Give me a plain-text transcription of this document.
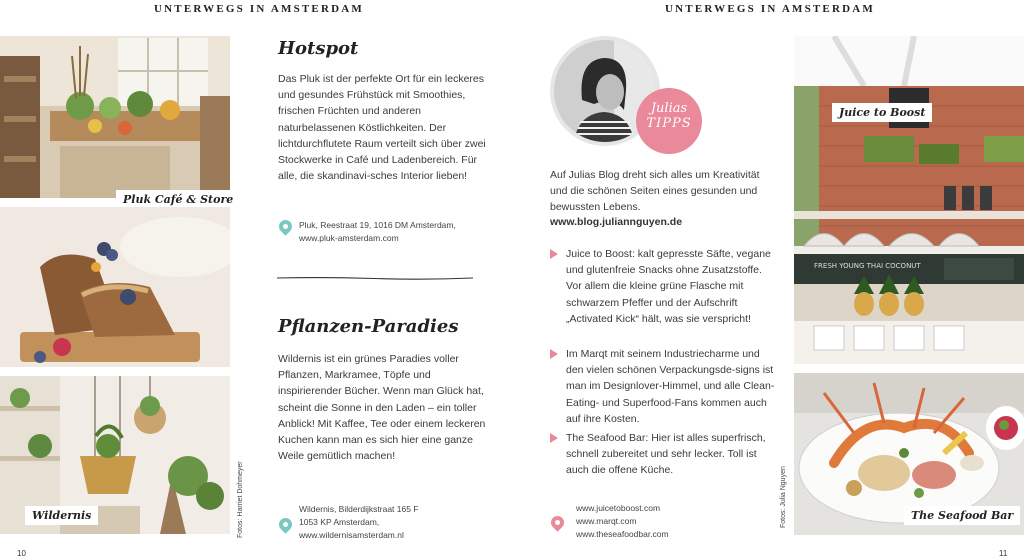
UNTERWEGS IN AMSTERDAM
Pluk Café & Store
Wildernis	Fotos: Harriet Dohmeyer
Hotspot
Das Pluk ist der perfekte Ort für ein leckeres und gesundes Frühstück mit Smoothies, frischen Früchten und anderen naturbelassenen Köstlichkeiten. Der lichtdurchflutete Raum verteilt sich über zwei Stockwerke in Café und Ladenbereich. Für alle, die skandinavi-sches Interior lieben!
Pluk, Reestraat 19, 1016 DM Amsterdam,
www.pluk-amsterdam.com
Pflanzen-Paradies
Wildernis ist ein grünes Paradies voller Pflanzen, Markramee, Töpfe und inspirierender Bücher. Wenn man Glück hat, scheint die Sonne in den Laden – ein toller Anblick! Mit Kaffee, Tee oder einem leckeren Kuchen kann man es sich hier eine ganze Weile gemütlich machen!
Wildernis, Bilderdijkstraat 165 F
1053 KP Amsterdam,
www.wildernisamsterdam.nl
10
UNTERWEGS IN AMSTERDAM
Julias
TIPPS
Auf Julias Blog dreht sich alles um Kreativität und die schönen Seiten eines gesunden und bewussten Lebens.
www.blog.juliannguyen.de
Juice to Boost: kalt gepresste Säfte, vegane und glutenfreie Snacks ohne Zusatzstoffe. Vor allem die kleine grüne Flasche mit schwarzem Pfeffer und der Aufschrift „Activated Kick“ hält, was sie verspricht!
Im Marqt mit seinem Industriecharme und den vielen schönen Verpackungsde-signs ist man im Designlover-Himmel, und alle Clean-Eating- und Superfood-Fans kommen auch auf ihre Kosten.
The Seafood Bar: Hier ist alles superfrisch, schnell zubereitet und sehr lecker. Toll ist auch die offene Küche.
www.juicetoboost.com
www.marqt.com
www.theseafoodbar.com
Fotos: Julia Nguyen
FRESH YOUNG THAI COCONUT
Juice to Boost
The Seafood Bar
11
